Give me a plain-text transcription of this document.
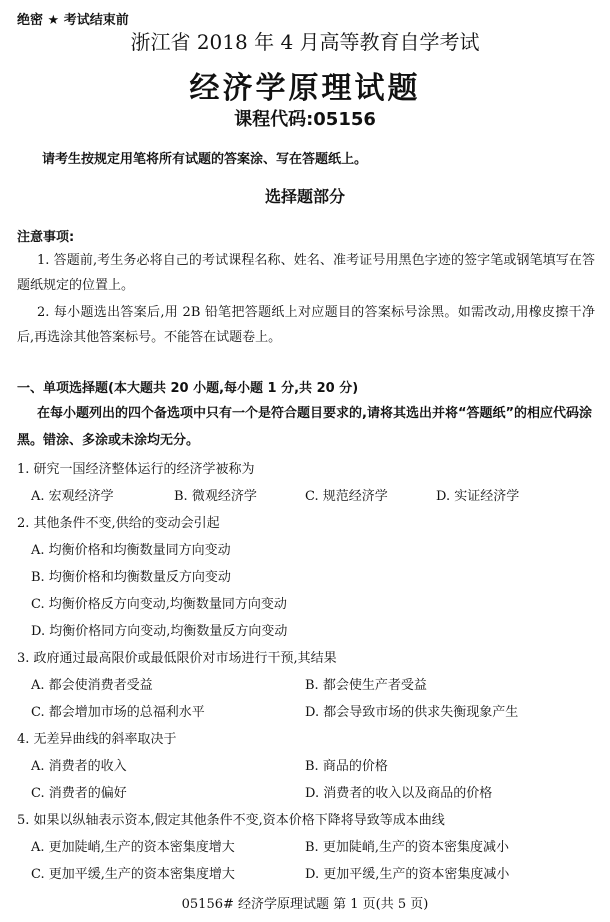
绝密 ★ 考试结束前
浙江省 2018 年 4 月高等教育自学考试
经济学原理试题
课程代码:05156
请考生按规定用笔将所有试题的答案涂、写在答题纸上。
选择题部分
注意事项:
1. 答题前,考生务必将自己的考试课程名称、姓名、准考证号用黑色字迹的签字笔或钢笔填写在答题纸规定的位置上。
2. 每小题选出答案后,用 2B 铅笔把答题纸上对应题目的答案标号涂黑。如需改动,用橡皮擦干净后,再选涂其他答案标号。不能答在试题卷上。
一、单项选择题(本大题共 20 小题,每小题 1 分,共 20 分)
在每小题列出的四个备选项中只有一个是符合题目要求的,请将其选出并将“答题纸”的相应代码涂黑。错涂、多涂或未涂均无分。
1. 研究一国经济整体运行的经济学被称为
A. 宏观经济学	B. 微观经济学	C. 规范经济学	D. 实证经济学
2. 其他条件不变,供给的变动会引起
A. 均衡价格和均衡数量同方向变动
B. 均衡价格和均衡数量反方向变动
C. 均衡价格反方向变动,均衡数量同方向变动
D. 均衡价格同方向变动,均衡数量反方向变动
3. 政府通过最高限价或最低限价对市场进行干预,其结果
A. 都会使消费者受益	B. 都会使生产者受益
C. 都会增加市场的总福利水平	D. 都会导致市场的供求失衡现象产生
4. 无差异曲线的斜率取决于
A. 消费者的收入	B. 商品的价格
C. 消费者的偏好	D. 消费者的收入以及商品的价格
5. 如果以纵轴表示资本,假定其他条件不变,资本价格下降将导致等成本曲线
A. 更加陡峭,生产的资本密集度增大	B. 更加陡峭,生产的资本密集度减小
C. 更加平缓,生产的资本密集度增大	D. 更加平缓,生产的资本密集度减小
05156# 经济学原理试题 第 1 页(共 5 页)
